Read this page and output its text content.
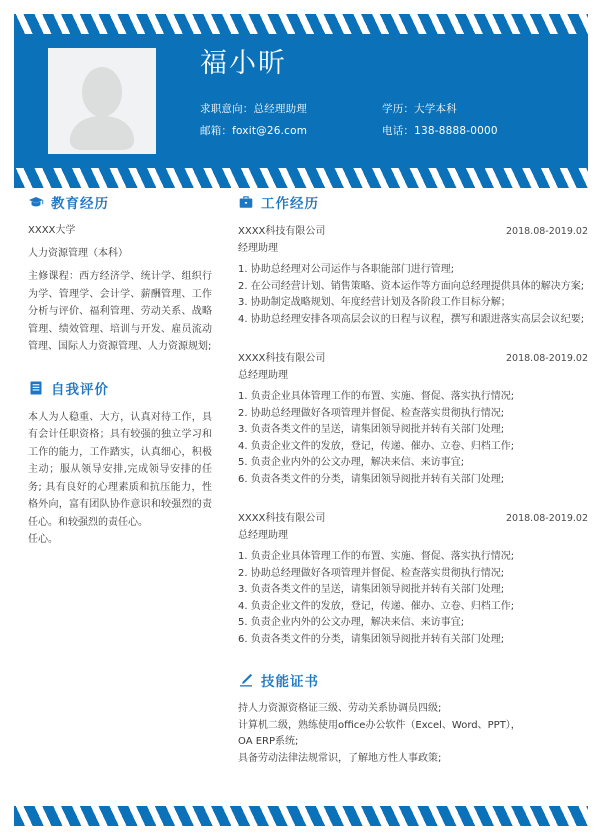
福小昕
求职意向：总经理助理	学历：大学本科
邮箱：foxit@26.com	电话：138-8888-0000
教育经历

XXXX大学

人力资源管理（本科）

主修课程：西方经济学、统计学、组织行为学、管理学、会计学、薪酬管理、工作分析与评价、福利管理、劳动关系、战略管理、绩效管理、培训与开发、雇员流动管理、国际人力资源管理、人力资源规划;

自我评价

本人为人稳重、大方，认真对待工作，具有会计任职资格；具有较强的独立学习和工作的能力，工作踏实，认真细心，积极主动；服从领导安排,完成领导安排的任务; 具有良好的心理素质和抗压能力，性格外向，富有团队协作意识和较强烈的责任心。和较强烈的责任心。

任心。

工作经历
XXXX科技有限公司	2018.08-2019.02
经理助理
1. 协助总经理对公司运作与各职能部门进行管理;
2. 在公司经营计划、销售策略、资本运作等方面向总经理提供具体的解决方案;
3. 协助制定战略规划、年度经营计划及各阶段工作目标分解；
4. 协助总经理安排各项高层会议的日程与议程，撰写和跟进落实高层会议纪要;
XXXX科技有限公司	2018.08-2019.02
总经理助理
1. 负责企业具体管理工作的布置、实施、督促、落实执行情况;
2. 协助总经理做好各项管理并督促、检查落实贯彻执行情况;
3. 负责各类文件的呈送，请集团领导阅批并转有关部门处理;
4. 负责企业文件的发放，登记，传递、催办、立卷、归档工作;
5. 负责企业内外的公文办理，解决来信、来访事宜;
6. 负责各类文件的分类，请集团领导阅批并转有关部门处理;
XXXX科技有限公司	2018.08-2019.02
总经理助理
1. 负责企业具体管理工作的布置、实施、督促、落实执行情况;
2. 协助总经理做好各项管理并督促、检查落实贯彻执行情况;
3. 负责各类文件的呈送，请集团领导阅批并转有关部门处理;
4. 负责企业文件的发放，登记，传递、催办、立卷、归档工作;
5. 负责企业内外的公文办理，解决来信、来访事宜;
6. 负责各类文件的分类，请集团领导阅批并转有关部门处理;
技能证书

持人力资源资格证三级、劳动关系协调员四级;

计算机二级，熟练使用office办公软件（Excel、Word、PPT），

OA ERP系统;

具备劳动法律法规常识，了解地方性人事政策;
